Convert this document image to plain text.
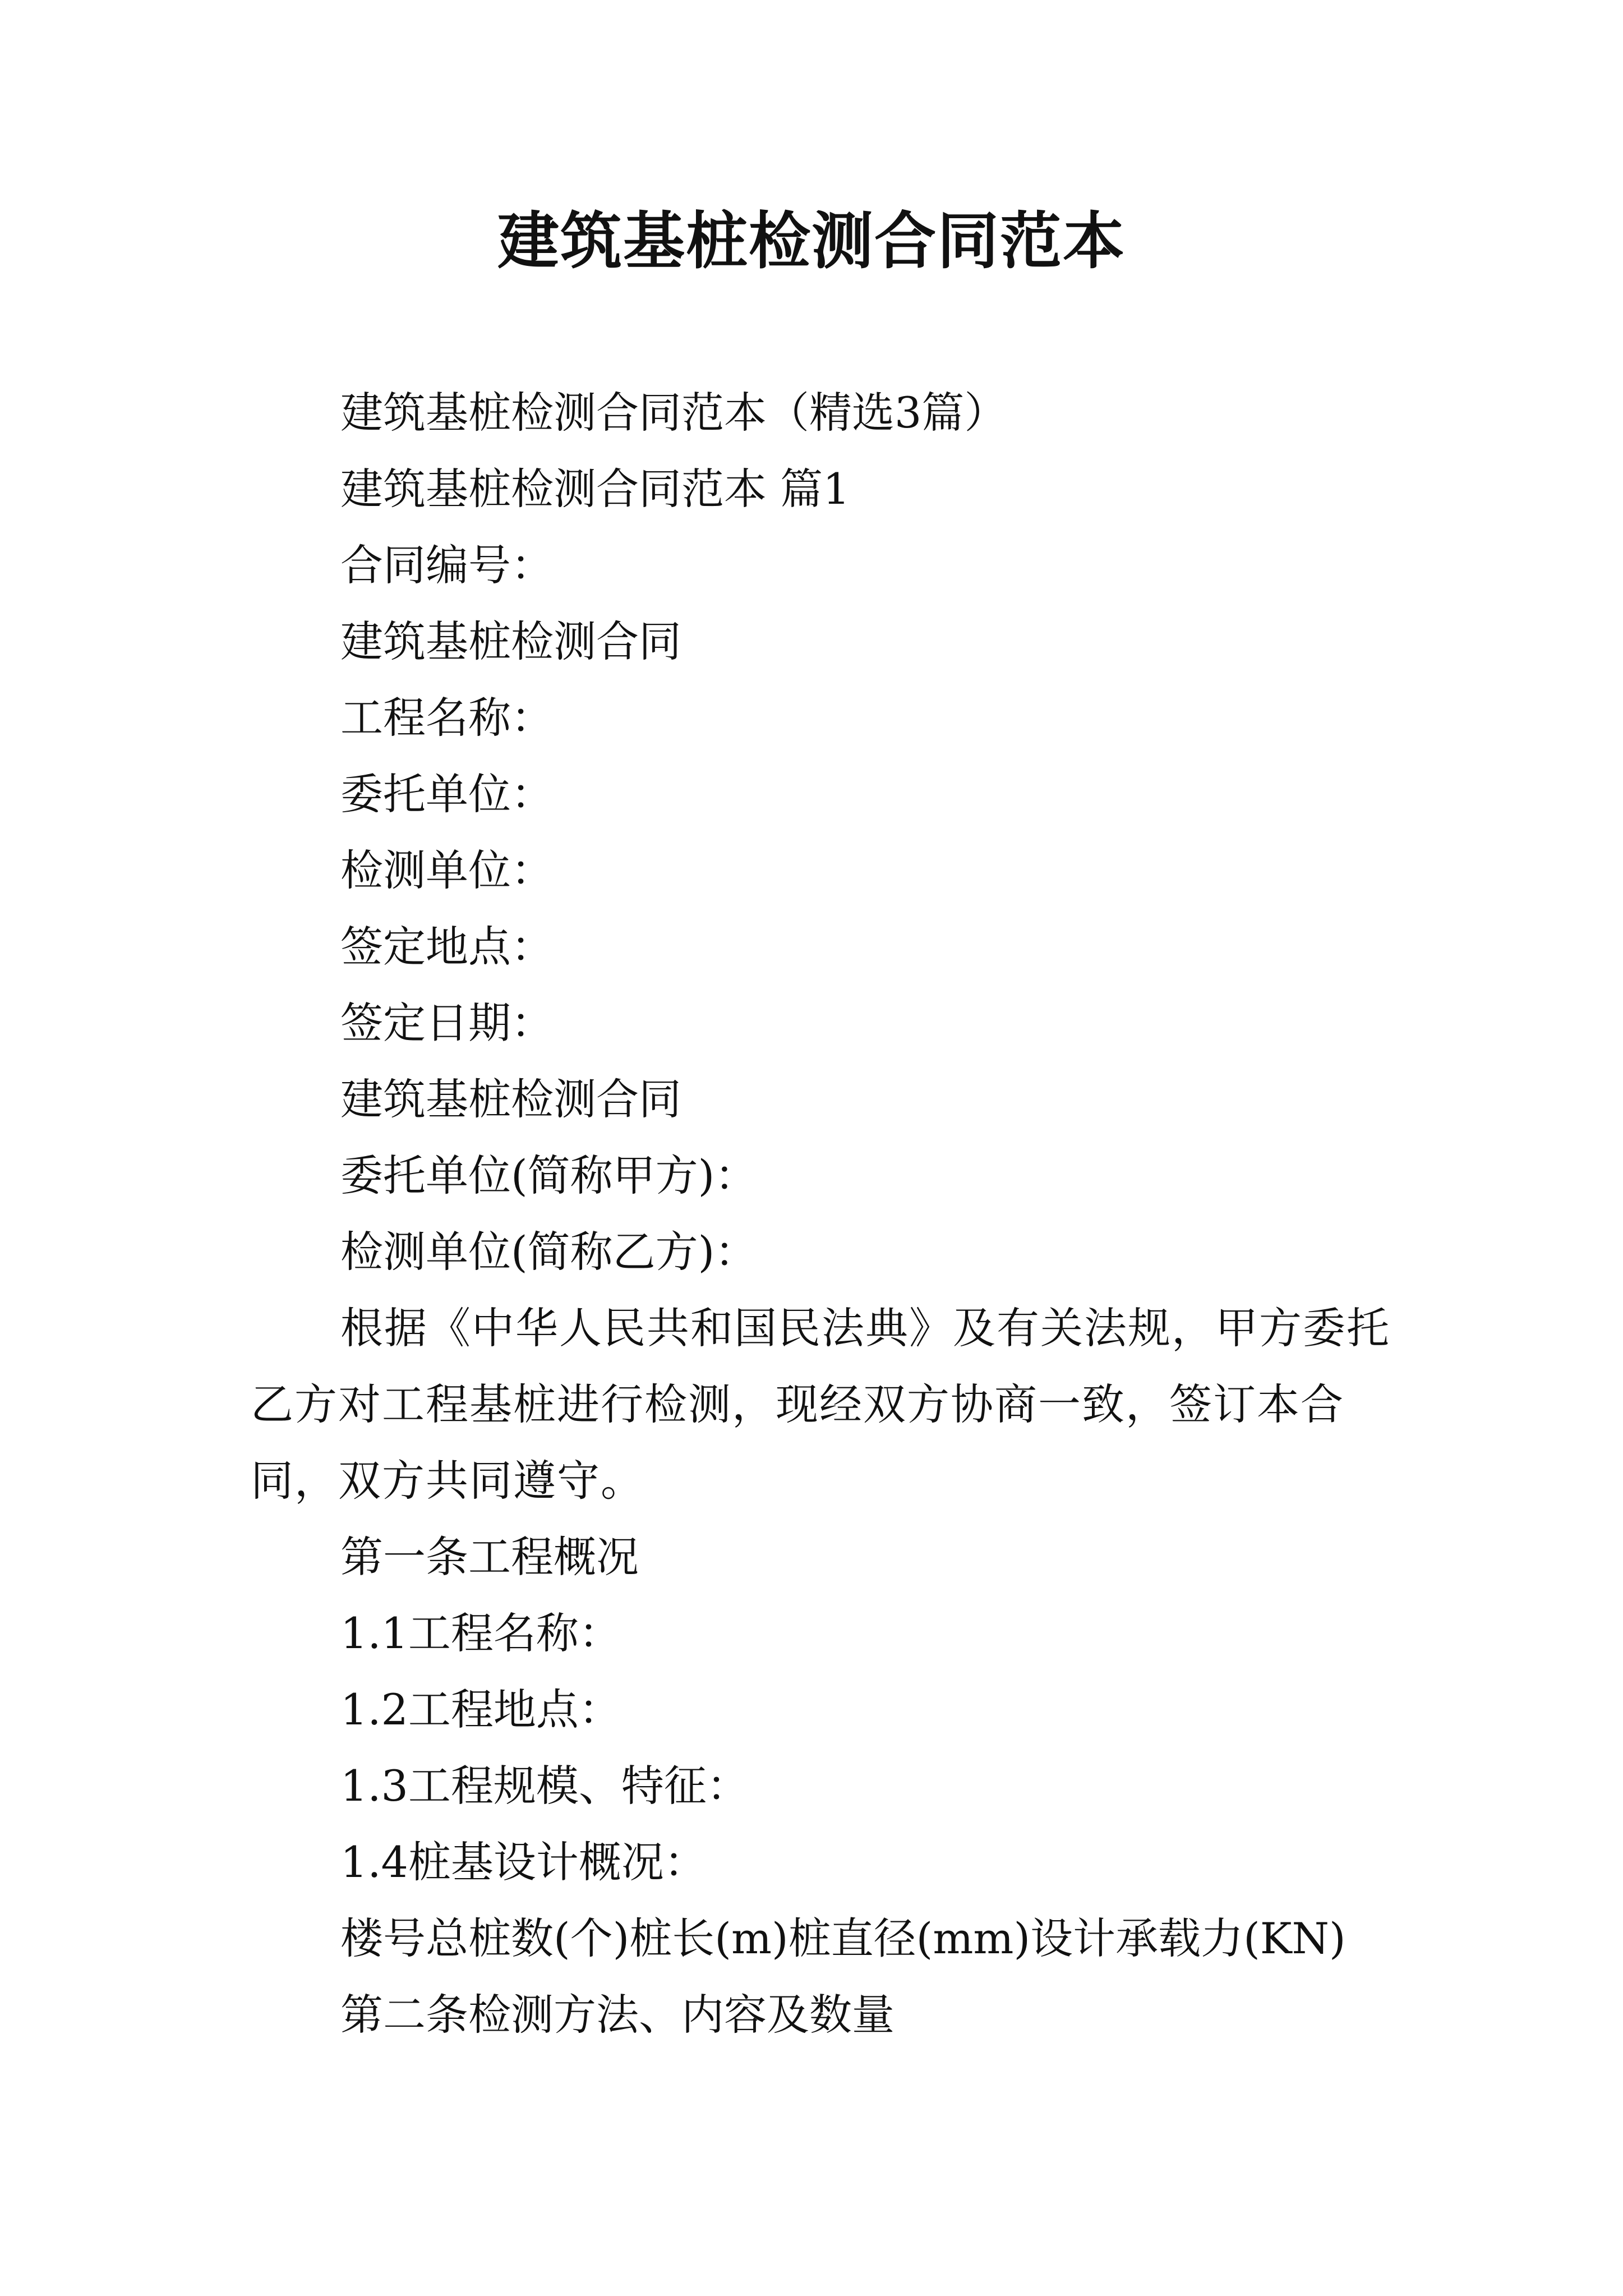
建筑基桩检测合同范本
建筑基桩检测合同范本（精选3篇）
建筑基桩检测合同范本 篇1
合同编号：
建筑基桩检测合同
工程名称：
委托单位：
检测单位：
签定地点：
签定日期：
建筑基桩检测合同
委托单位(简称甲方)：
检测单位(简称乙方)：
根据《中华人民共和国民法典》及有关法规，甲方委托乙方对工程基桩进行检测，现经双方协商一致，签订本合同，双方共同遵守。
第一条工程概况
1.1工程名称：
1.2工程地点：
1.3工程规模、特征：
1.4桩基设计概况：
楼号总桩数(个)桩长(m)桩直径(mm)设计承载力(KN)
第二条检测方法、内容及数量
